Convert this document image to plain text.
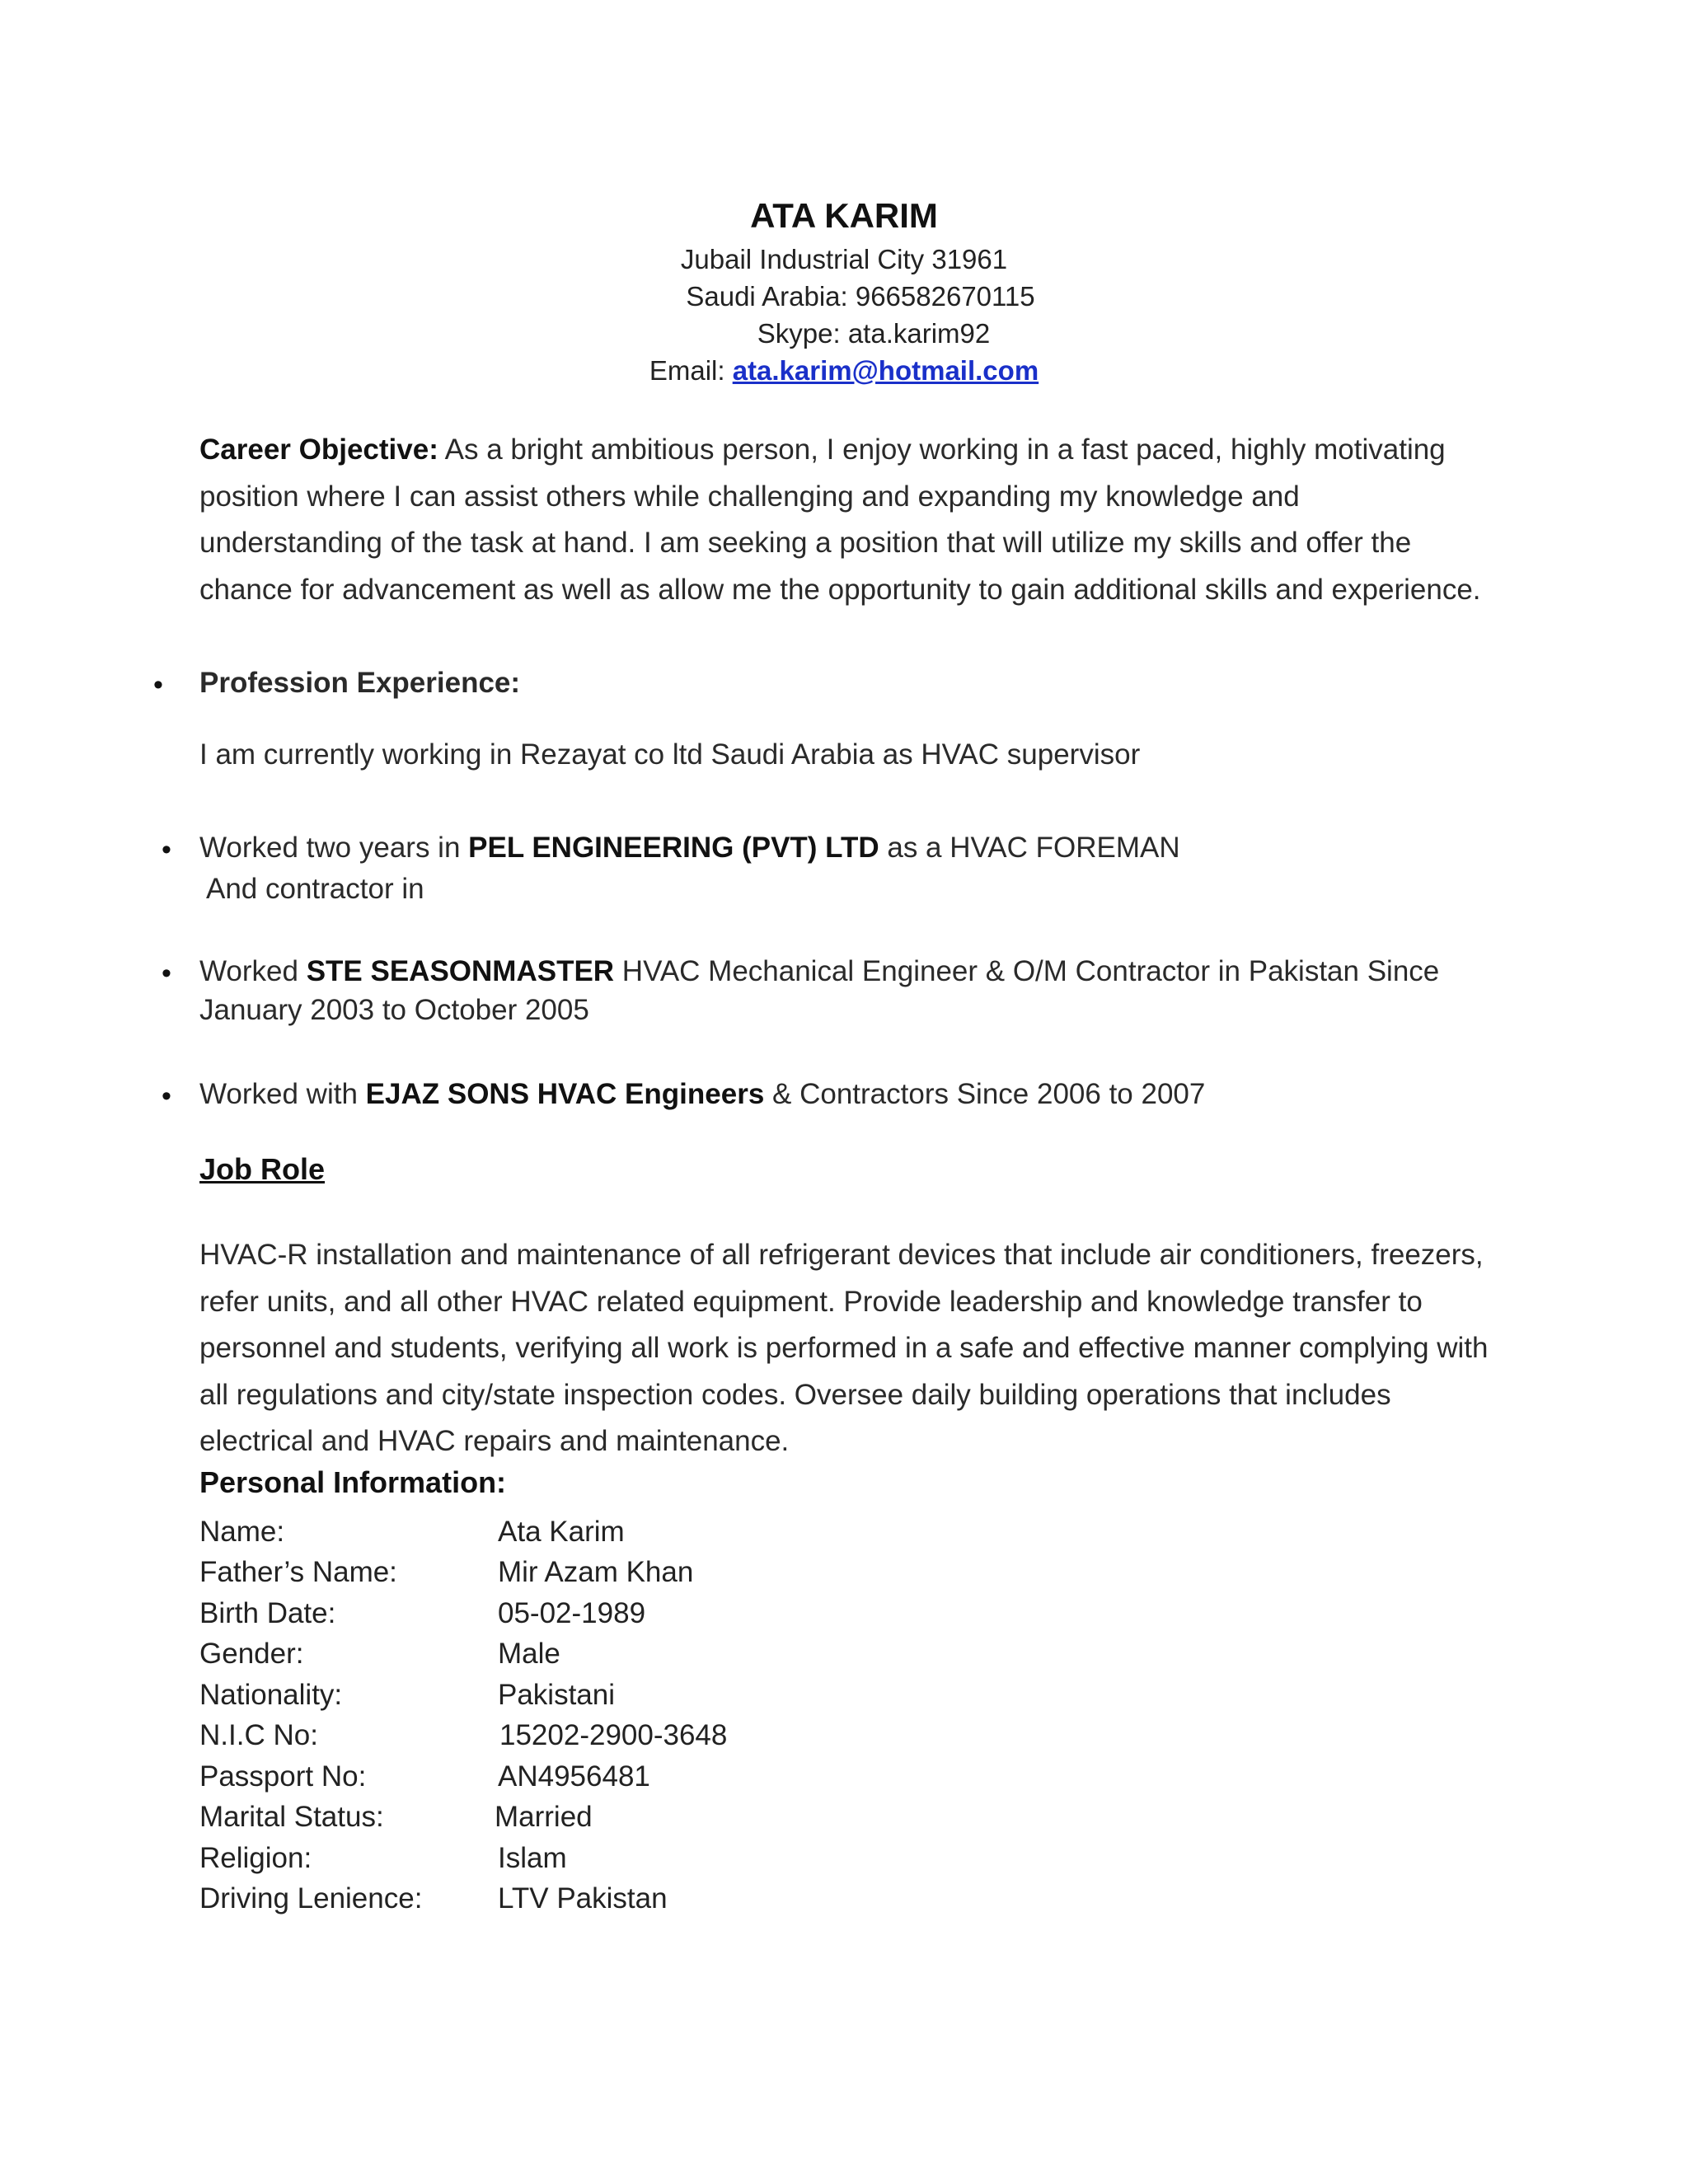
ATA KARIM
Jubail Industrial City 31961
Saudi Arabia: 966582670115
Skype: ata.karim92
Email: ata.karim@hotmail.com
Career Objective: As a bright ambitious person, I enjoy working in a fast paced, highly motivating position where I can assist others while challenging and expanding my knowledge and understanding of the task at hand. I am seeking a position that will utilize my skills and offer the chance for advancement as well as allow me the opportunity to gain additional skills and experience.
• Profession Experience:
I am currently working in Rezayat co ltd Saudi Arabia as HVAC supervisor
• Worked two years in PEL ENGINEERING (PVT) LTD as a HVAC FOREMAN
And contractor in
• Worked STE SEASONMASTER HVAC Mechanical Engineer & O/M Contractor in Pakistan Since
January 2003 to October 2005
• Worked with EJAZ SONS HVAC Engineers & Contractors Since 2006 to 2007
Job Role
HVAC-R installation and maintenance of all refrigerant devices that include air conditioners, freezers, refer units, and all other HVAC related equipment. Provide leadership and knowledge transfer to personnel and students, verifying all work is performed in a safe and effective manner complying with all regulations and city/state inspection codes. Oversee daily building operations that includes electrical and HVAC repairs and maintenance.
Personal Information:
Name:	Ata Karim
Father’s Name:	Mir Azam Khan
Birth Date:	05-02-1989
Gender:	Male
Nationality:	Pakistani
N.I.C No:	15202-2900-3648
Passport No:	AN4956481
Marital Status:	Married
Religion:	Islam
Driving Lenience:	LTV Pakistan
